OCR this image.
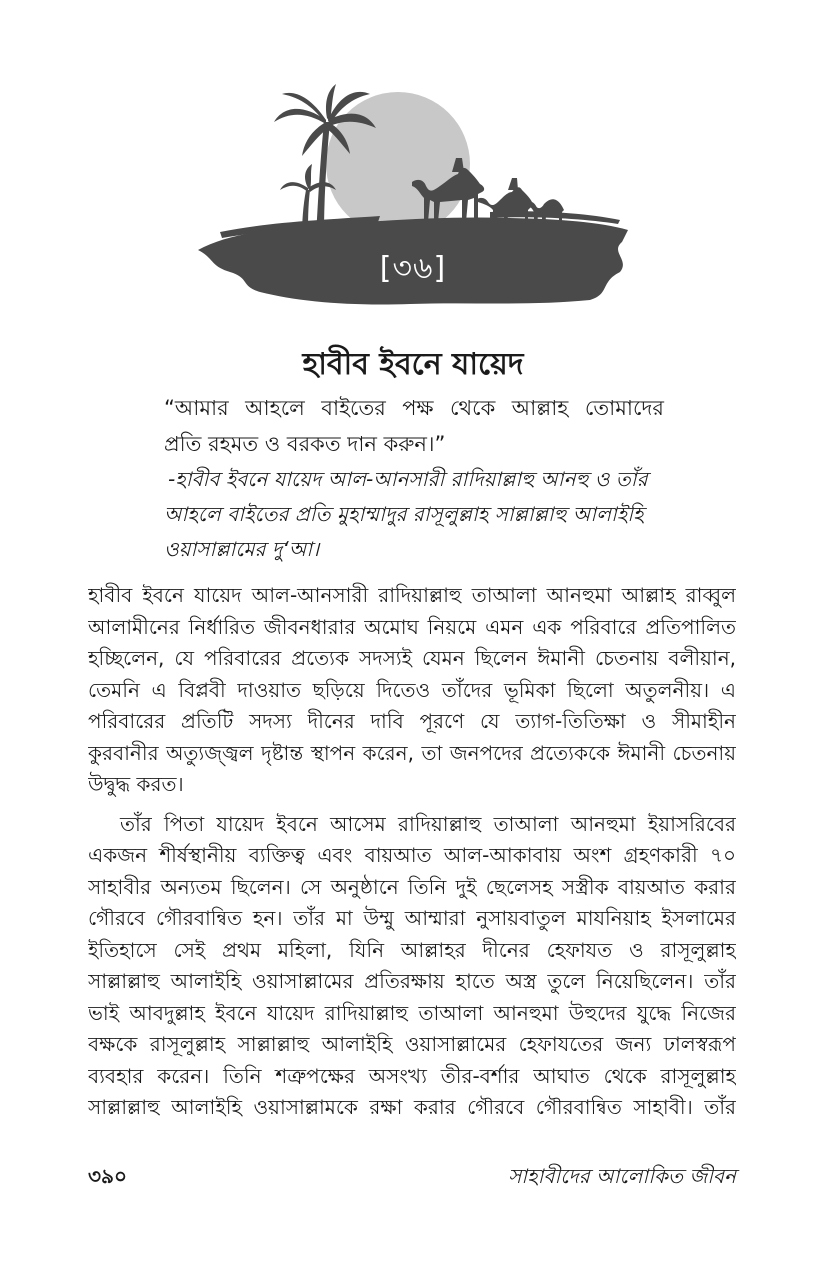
[৩৬]
হাবীব ইবনে যায়েদ
“আমার আহলে বাইতের পক্ষ থেকে আল্লাহ তোমাদের
প্রতি রহমত ও বরকত দান করুন।”
-হাবীব ইবনে যায়েদ আল-আনসারী রাদিয়াল্লাহু আনহু ও তাঁর
আহলে বাইতের প্রতি মুহাম্মাদুর রাসূলুল্লাহ সাল্লাল্লাহু আলাইহি
ওয়াসাল্লামের দু‘আ।
হাবীব ইবনে যায়েদ আল-আনসারী রাদিয়াল্লাহু তাআলা আনহুমা আল্লাহ রাব্বুল
আলামীনের নির্ধারিত জীবনধারার অমোঘ নিয়মে এমন এক পরিবারে প্রতিপালিত
হচ্ছিলেন, যে পরিবারের প্রত্যেক সদস্যই যেমন ছিলেন ঈমানী চেতনায় বলীয়ান,
তেমনি এ বিপ্লবী দাওয়াত ছড়িয়ে দিতেও তাঁদের ভূমিকা ছিলো অতুলনীয়। এ
পরিবারের প্রতিটি সদস্য দীনের দাবি পূরণে যে ত্যাগ-তিতিক্ষা ও সীমাহীন
কুরবানীর অত্যুজ্জ্বল দৃষ্টান্ত স্থাপন করেন, তা জনপদের প্রত্যেককে ঈমানী চেতনায়
উদ্বুদ্ধ করত।
তাঁর পিতা যায়েদ ইবনে আসেম রাদিয়াল্লাহু তাআলা আনহুমা ইয়াসরিবের
একজন শীর্ষস্থানীয় ব্যক্তিত্ব এবং বায়আত আল-আকাবায় অংশ গ্রহণকারী ৭০
সাহাবীর অন্যতম ছিলেন। সে অনুষ্ঠানে তিনি দুই ছেলেসহ সস্ত্রীক বায়আত করার
গৌরবে গৌরবান্বিত হন। তাঁর মা উম্মু আম্মারা নুসায়বাতুল মাযনিয়াহ ইসলামের
ইতিহাসে সেই প্রথম মহিলা, যিনি আল্লাহর দীনের হেফাযত ও রাসূলুল্লাহ
সাল্লাল্লাহু আলাইহি ওয়াসাল্লামের প্রতিরক্ষায় হাতে অস্ত্র তুলে নিয়েছিলেন। তাঁর
ভাই আবদুল্লাহ ইবনে যায়েদ রাদিয়াল্লাহু তাআলা আনহুমা উহুদের যুদ্ধে নিজের
বক্ষকে রাসূলুল্লাহ সাল্লাল্লাহু আলাইহি ওয়াসাল্লামের হেফাযতের জন্য ঢালস্বরূপ
ব্যবহার করেন। তিনি শত্রুপক্ষের অসংখ্য তীর-বর্শার আঘাত থেকে রাসূলুল্লাহ
সাল্লাল্লাহু আলাইহি ওয়াসাল্লামকে রক্ষা করার গৌরবে গৌরবান্বিত সাহাবী। তাঁর
৩৯০	সাহাবীদের আলোকিত জীবন
